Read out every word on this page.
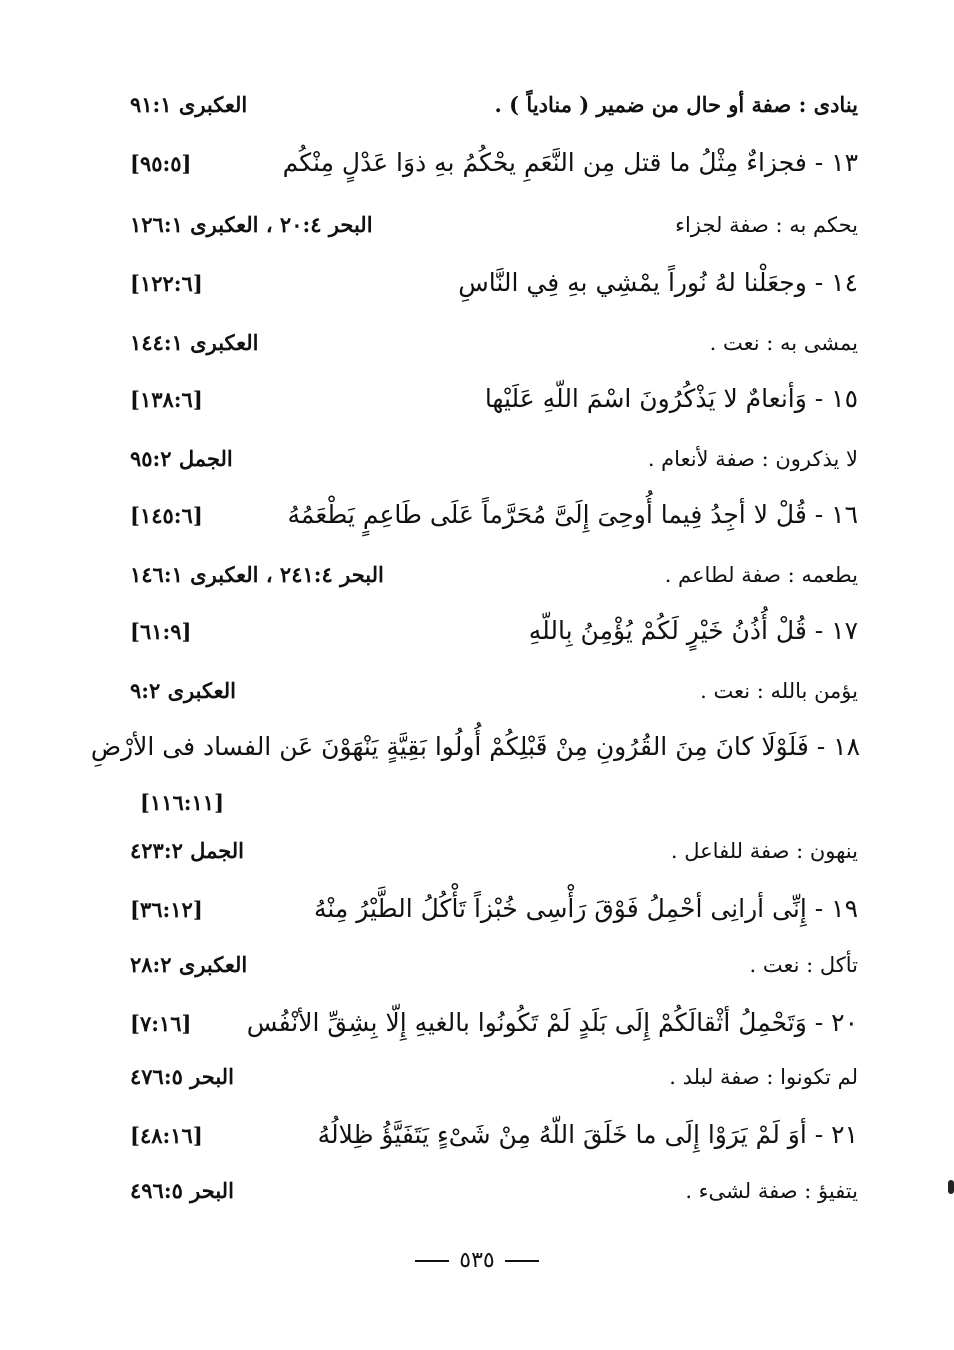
ينادى : صفة أو حال من ضمير ( منادياً ) .
العكبرى ٩١:١
١٣ - فجزاءٌ مِثْلُ ما قتل مِن النَّعَمِ يحْكُمُ بهِ ذوَا عَدْلٍ مِنْكُم
[٩٥:٥]
يحكم به : صفة لجزاء
البحر ٢٠:٤ ، العكبرى ١٢٦:١
١٤ - وجعَلْنا لهُ نُوراً يمْشِي بهِ فِي النَّاسِ
[١٢٢:٦]
يمشى به : نعت .
العكبرى ١٤٤:١
١٥ - وَأنعامٌ لا يَذْكُرُونَ اسْمَ اللّهِ عَلَيْها
[١٣٨:٦]
لا يذكرون : صفة لأنعام .
الجمل ٩٥:٢
١٦ - قُلْ لا أجِدُ فِيما أُوحِىَ إِلَىَّ مُحَرَّماً عَلَى طَاعِمٍ يَطْعَمُهُ
[١٤٥:٦]
يطعمه : صفة لطاعم .
البحر ٢٤١:٤ ، العكبرى ١٤٦:١
١٧ - قُلْ أُذُنُ خَيْرٍ لَكُمْ يُؤْمِنُ بِاللّهِ
[٦١:٩]
يؤمن بالله : نعت .
العكبرى ٩:٢
١٨ - فَلَوْلَا كانَ مِنَ القُرُونِ مِنْ قَبْلِكُمْ أُولُوا بَقِيَّةٍ يَنْهَوْنَ عَن الفساد فى الأرْضِ
[١١٦:١١]
ينهون : صفة للفاعل .
الجمل ٤٢٣:٢
١٩ - إِنِّى أرانِى أحْمِلُ فَوْقَ رَأْسِى خُبْزاً تَأْكُلُ الطَّيْرُ مِنْهُ
[٣٦:١٢]
تأكل : نعت .
العكبرى ٢٨:٢
٢٠ - وَتَحْمِلُ أثْقالَكُمْ إِلَى بَلَدٍ لَمْ تَكُونُوا بالغيهِ إِلّا بِشِقِّ الأنْفُس
[٧:١٦]
لم تكونوا : صفة لبلد .
البحر ٤٧٦:٥
٢١ - أوَ لَمْ يَرَوْا إِلَى ما خَلَقَ اللّهُ مِنْ شَىْءٍ يَتَفَيَّؤُ ظِلالُهُ
[٤٨:١٦]
يتفيؤ : صفة لشىء .
البحر ٤٩٦:٥
٥٣٥
